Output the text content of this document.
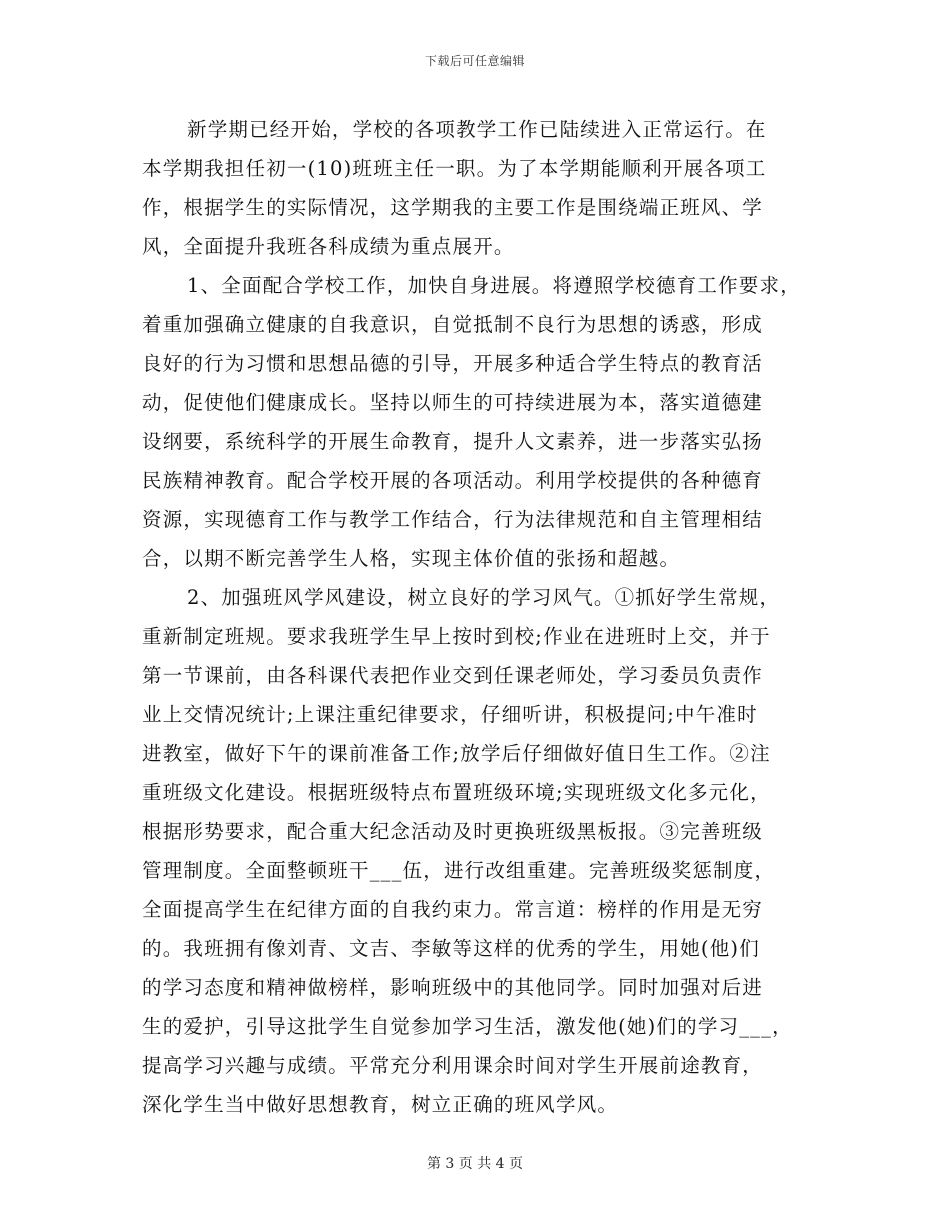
下载后可任意编辑
新学期已经开始，学校的各项教学工作已陆续进入正常运行。在
本学期我担任初一(10)班班主任一职。为了本学期能顺利开展各项工
作，根据学生的实际情况，这学期我的主要工作是围绕端正班风、学
风，全面提升我班各科成绩为重点展开。
1、全面配合学校工作，加快自身进展。将遵照学校德育工作要求，
着重加强确立健康的自我意识，自觉抵制不良行为思想的诱惑，形成
良好的行为习惯和思想品德的引导，开展多种适合学生特点的教育活
动，促使他们健康成长。坚持以师生的可持续进展为本，落实道德建
设纲要，系统科学的开展生命教育，提升人文素养，进一步落实弘扬
民族精神教育。配合学校开展的各项活动。利用学校提供的各种德育
资源，实现德育工作与教学工作结合，行为法律规范和自主管理相结
合，以期不断完善学生人格，实现主体价值的张扬和超越。
2、加强班风学风建设，树立良好的学习风气。①抓好学生常规，
重新制定班规。要求我班学生早上按时到校;作业在进班时上交，并于
第一节课前，由各科课代表把作业交到任课老师处，学习委员负责作
业上交情况统计;上课注重纪律要求，仔细听讲，积极提问;中午准时
进教室，做好下午的课前准备工作;放学后仔细做好值日生工作。②注
重班级文化建设。根据班级特点布置班级环境;实现班级文化多元化，
根据形势要求，配合重大纪念活动及时更换班级黑板报。③完善班级
管理制度。全面整顿班干___伍，进行改组重建。完善班级奖惩制度，
全面提高学生在纪律方面的自我约束力。常言道：榜样的作用是无穷
的。我班拥有像刘青、文吉、李敏等这样的优秀的学生，用她(他)们
的学习态度和精神做榜样，影响班级中的其他同学。同时加强对后进
生的爱护，引导这批学生自觉参加学习生活，激发他(她)们的学习___，
提高学习兴趣与成绩。平常充分利用课余时间对学生开展前途教育，
深化学生当中做好思想教育，树立正确的班风学风。
第 3 页 共 4 页
